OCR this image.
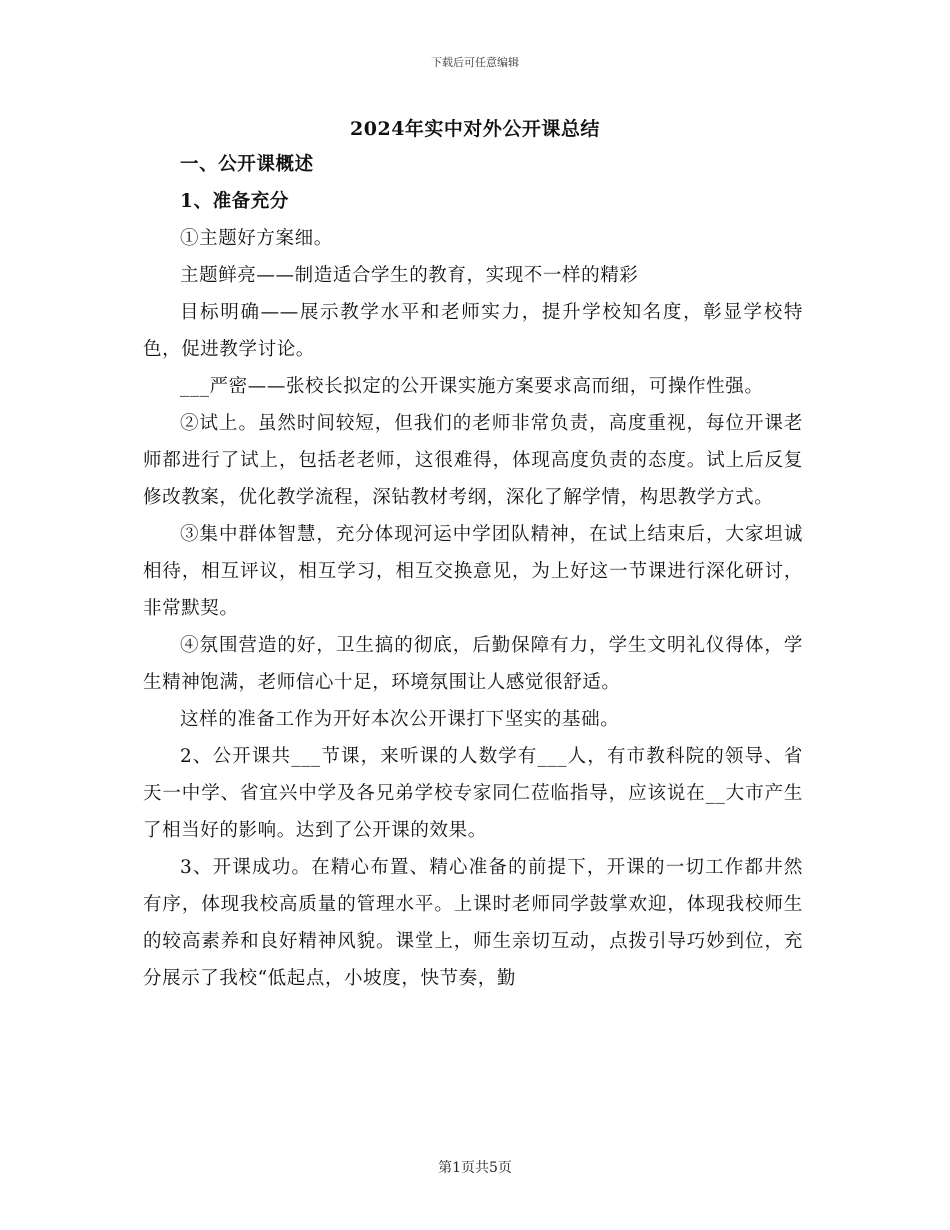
下载后可任意编辑
2024年实中对外公开课总结
一、公开课概述
1、准备充分

①主题好方案细。

主题鲜亮——制造适合学生的教育，实现不一样的精彩

目标明确——展示教学水平和老师实力，提升学校知名度，彰显学校特色，促进教学讨论。

___严密——张校长拟定的公开课实施方案要求高而细，可操作性强。

②试上。虽然时间较短，但我们的老师非常负责，高度重视，每位开课老师都进行了试上，包括老老师，这很难得，体现高度负责的态度。试上后反复修改教案，优化教学流程，深钻教材考纲，深化了解学情，构思教学方式。

③集中群体智慧，充分体现河运中学团队精神，在试上结束后，大家坦诚相待，相互评议，相互学习，相互交换意见，为上好这一节课进行深化研讨，非常默契。

④氛围营造的好，卫生搞的彻底，后勤保障有力，学生文明礼仪得体，学生精神饱满，老师信心十足，环境氛围让人感觉很舒适。

这样的准备工作为开好本次公开课打下坚实的基础。

2、公开课共___节课，来听课的人数学有___人，有市教科院的领导、省天一中学、省宜兴中学及各兄弟学校专家同仁莅临指导，应该说在__大市产生了相当好的影响。达到了公开课的效果。

3、开课成功。在精心布置、精心准备的前提下，开课的一切工作都井然有序，体现我校高质量的管理水平。上课时老师同学鼓掌欢迎，体现我校师生的较高素养和良好精神风貌。课堂上，师生亲切互动，点拨引导巧妙到位，充分展示了我校“低起点，小坡度，快节奏，勤

第1页共5页
